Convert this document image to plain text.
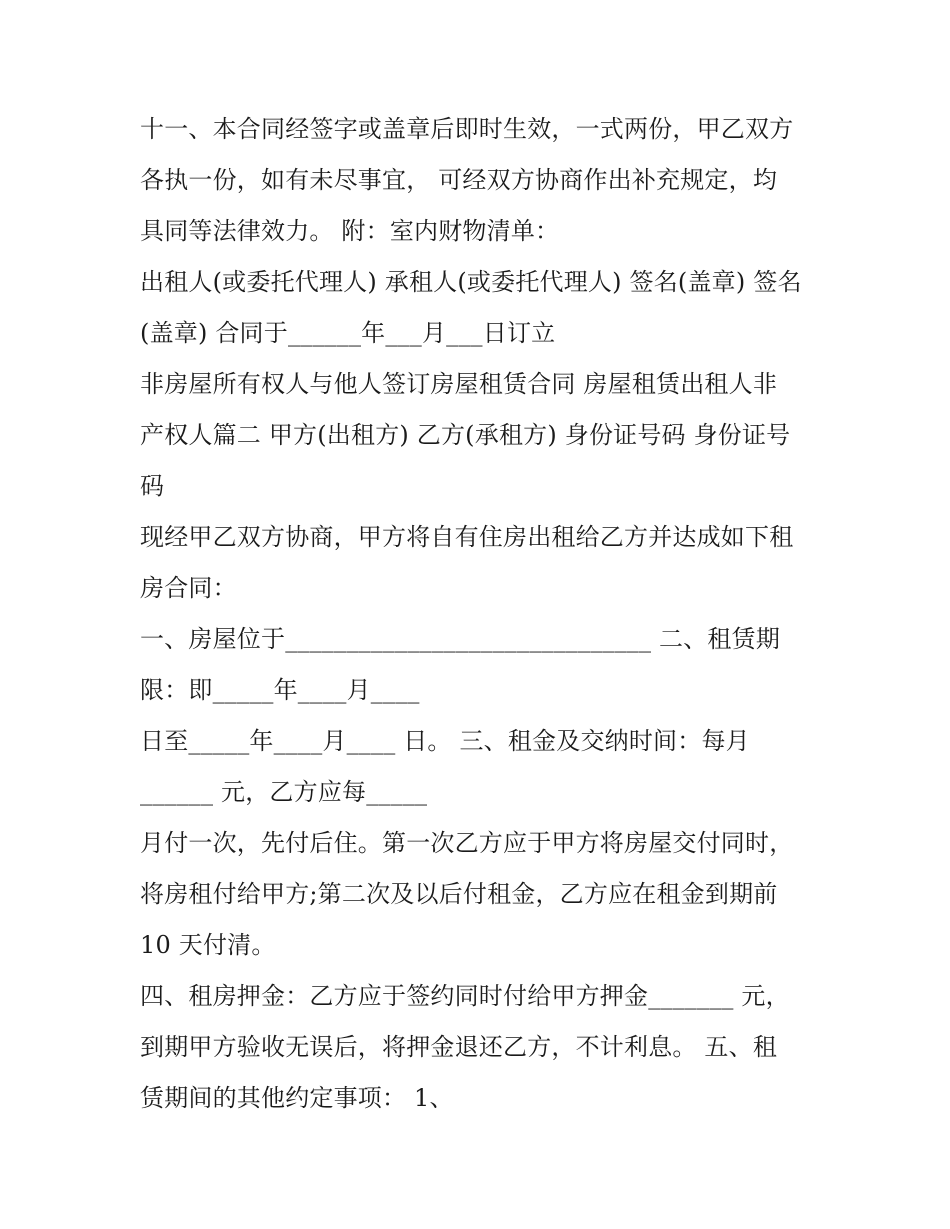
十一、本合同经签字或盖章后即时生效，一式两份，甲乙双方
各执一份，如有未尽事宜， 可经双方协商作出补充规定，均
具同等法律效力。 附：室内财物清单：
出租人(或委托代理人) 承租人(或委托代理人) 签名(盖章) 签名
(盖章) 合同于______年___月___日订立
非房屋所有权人与他人签订房屋租赁合同 房屋租赁出租人非
产权人篇二 甲方(出租方) 乙方(承租方) 身份证号码 身份证号
码
现经甲乙双方协商，甲方将自有住房出租给乙方并达成如下租
房合同：
一、房屋位于______________________________ 二、租赁期
限：即_____年____月____
日至_____年____月____ 日。 三、租金及交纳时间：每月
______ 元，乙方应每_____
月付一次，先付后住。第一次乙方应于甲方将房屋交付同时，
将房租付给甲方;第二次及以后付租金，乙方应在租金到期前
10 天付清。
四、租房押金：乙方应于签约同时付给甲方押金_______ 元，
到期甲方验收无误后，将押金退还乙方，不计利息。 五、租
赁期间的其他约定事项： 1、
